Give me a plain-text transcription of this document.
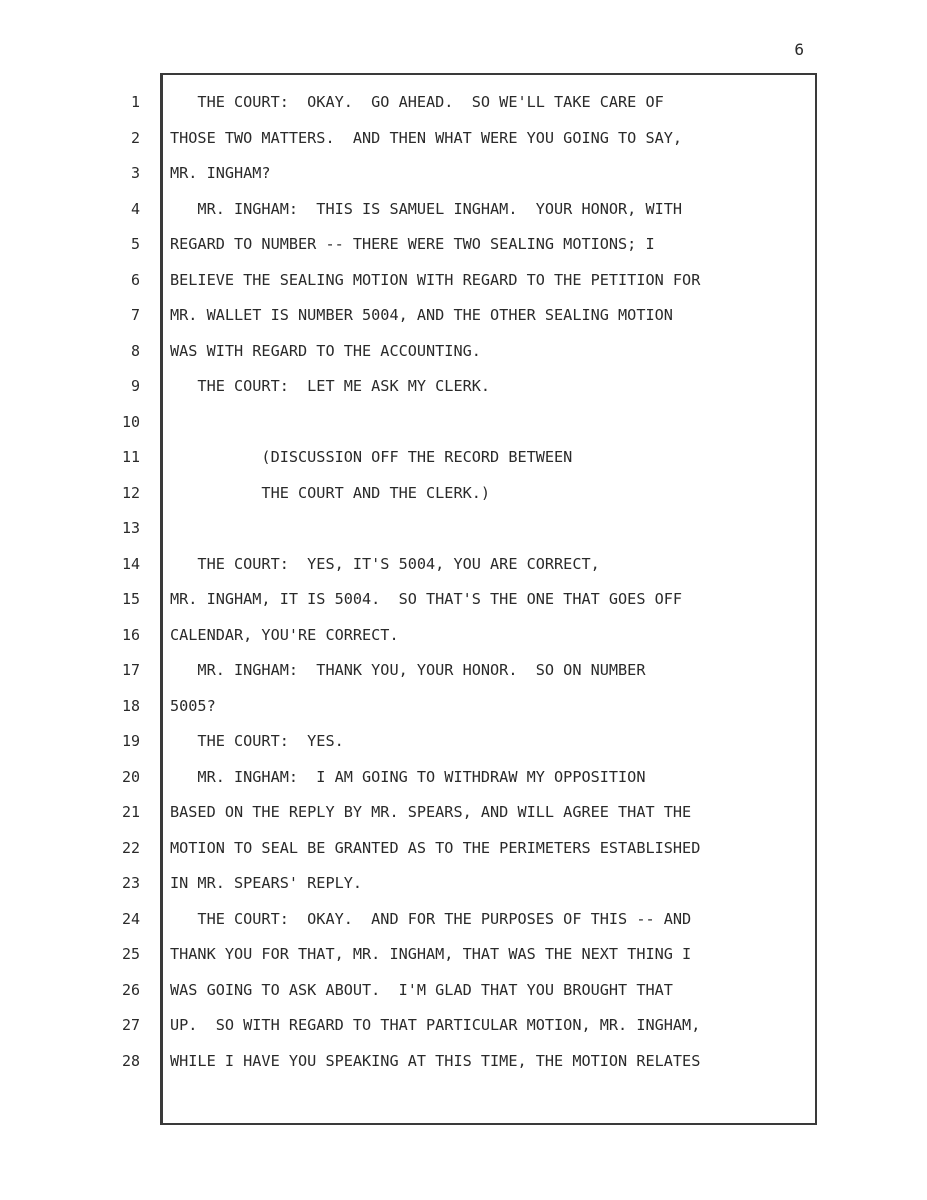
6
1
2
3
4
5
6
7
8
9
10
11
12
13
14
15
16
17
18
19
20
21
22
23
24
25
26
27
28
THE COURT:  OKAY.  GO AHEAD.  SO WE'LL TAKE CARE OF
THOSE TWO MATTERS.  AND THEN WHAT WERE YOU GOING TO SAY,
MR. INGHAM?
MR. INGHAM:  THIS IS SAMUEL INGHAM.  YOUR HONOR, WITH
REGARD TO NUMBER -- THERE WERE TWO SEALING MOTIONS; I
BELIEVE THE SEALING MOTION WITH REGARD TO THE PETITION FOR
MR. WALLET IS NUMBER 5004, AND THE OTHER SEALING MOTION
WAS WITH REGARD TO THE ACCOUNTING.
THE COURT:  LET ME ASK MY CLERK.
(DISCUSSION OFF THE RECORD BETWEEN
THE COURT AND THE CLERK.)
THE COURT:  YES, IT'S 5004, YOU ARE CORRECT,
MR. INGHAM, IT IS 5004.  SO THAT'S THE ONE THAT GOES OFF
CALENDAR, YOU'RE CORRECT.
MR. INGHAM:  THANK YOU, YOUR HONOR.  SO ON NUMBER
5005?
THE COURT:  YES.
MR. INGHAM:  I AM GOING TO WITHDRAW MY OPPOSITION
BASED ON THE REPLY BY MR. SPEARS, AND WILL AGREE THAT THE
MOTION TO SEAL BE GRANTED AS TO THE PERIMETERS ESTABLISHED
IN MR. SPEARS' REPLY.
THE COURT:  OKAY.  AND FOR THE PURPOSES OF THIS -- AND
THANK YOU FOR THAT, MR. INGHAM, THAT WAS THE NEXT THING I
WAS GOING TO ASK ABOUT.  I'M GLAD THAT YOU BROUGHT THAT
UP.  SO WITH REGARD TO THAT PARTICULAR MOTION, MR. INGHAM,
WHILE I HAVE YOU SPEAKING AT THIS TIME, THE MOTION RELATES
